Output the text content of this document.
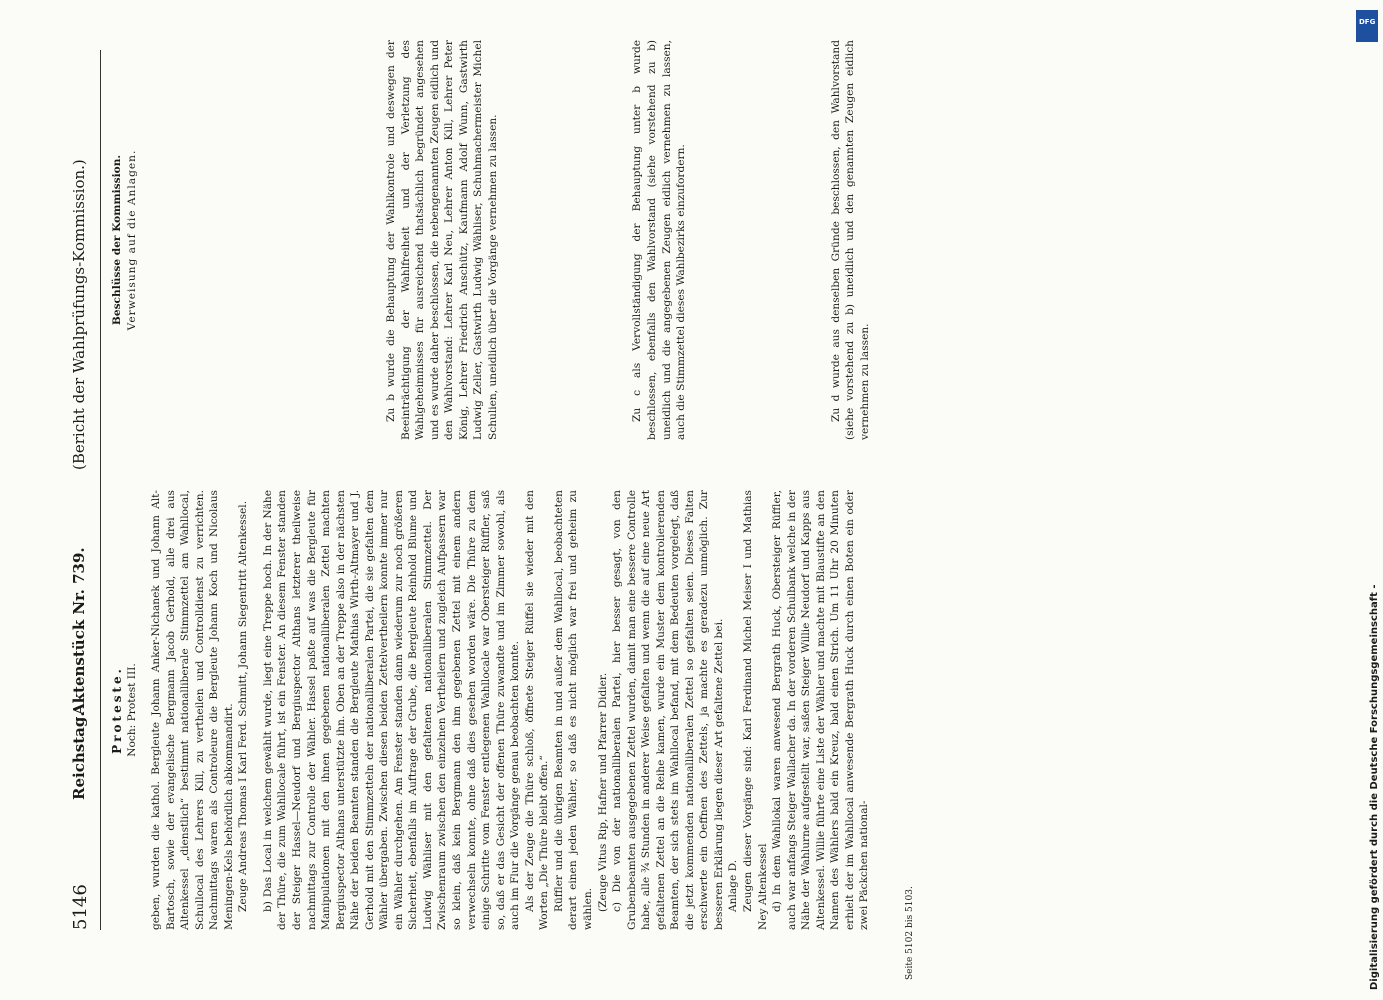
5146
Reichstag.
Aktenstück Nr. 739.
(Bericht der Wahlprüfungs-Kommission.)
Proteste. Noch: Protest III. geben, wurden die kathol. Bergleute Johann Anker-Nichanek und Johann Alt-Bartosch, sowie der evangelische Bergmann Jacob Gerhold, alle drei aus Altenkessel „dienstlich“ bestimmt nationalliberale Stimmzettel am Wahllocal, Schullocal des Lehrers Kill, zu vertheilen und Controlldienst zu verrichten. Nachmittags waren als Controleure die Bergleute Johann Koch und Nicolaus Meningen-Kels behördlich abkommandirt. Zeuge Andreas Thomas I Karl Ferd. Schmitt, Johann Siegentritt Altenkessel. b) Das Local in welchem gewählt wurde, liegt eine Treppe hoch. In der Nähe der Thüre, die zum Wahllocale führt, ist ein Fenster. An diesem Fenster standen der Steiger Hassel—Neudorf und Bergiuspector Althans letzterer theilweise nachmittags zur Controlle der Wähler. Hassel paßte auf was die Bergleute für Manipulationen mit den ihnen gegebenen nationalliberalen Zettel machten Bergiuspector Althans unterstützte ihn. Oben an der Treppe also in der nächsten Nähe der beiden Beamten standen die Bergleute Mathias Wirth-Altmayer und J. Gerhold mit den Stimmzetteln der nationalliberalen Partei, die sie gefalten dem Wähler übergaben. Zwischen diesen beiden Zettelvertheilern konnte immer nur ein Wähler durchgehen. Am Fenster standen dann wiederum zur noch größeren Sicherheit, ebenfalls im Auftrage der Grube, die Bergleute Reinhold Blume und Ludwig Wähliser mit den gefaltenen nationalliberalen Stimmzettel. Der Zwischenraum zwischen den einzelnen Vertheilern und zugleich Aufpassern war so klein, daß kein Bergmann den ihm gegebenen Zettel mit einem andern verwechseln konnte, ohne daß dies gesehen worden wäre. Die Thüre zu dem einige Schritte vom Fenster entlegenen Wahllocale war Obersteiger Rüffler, saß so, daß er das Gesicht der offenen Thüre zuwandte und im Zimmer sowohl, als auch im Flur die Vorgänge genau beobachten konnte. Als der Zeuge die Thüre schloß, öffnete Steiger Rüffel sie wieder mit den Worten „Die Thüre bleibt offen.“ Rüffler und die übrigen Beamten in und außer dem Wahllocal, beobachteten derart einen jeden Wähler, so daß es nicht möglich war frei und geheim zu wählen. (Zeuge Vitus Rip, Hafner und Pfarrer Didier. c) Die von der nationalliberalen Partei, hier besser gesagt, von den Grubenbeamten ausgegebenen Zettel wurden, damit man eine bessere Controlle habe, alle ¾ Stunden in anderer Weise gefalten und wenn die auf eine neue Art gefaltenen Zettel an die Reihe kamen, wurde ein Muster dem kontrolierenden Beamten, der sich stets im Wahllocal befand, mit dem Bedeuten vorgelegt, daß die jetzt kommenden nationalliberalen Zettel so gefalten seien. Dieses Falten erschwerte ein Oeffnen des Zettels, ja machte es geradezu unmöglich. Zur besseren Erklärung liegen dieser Art gefaltene Zettel bei. Anlage D. Zeugen dieser Vorgänge sind: Karl Ferdinand Michel Meiser I und Mathias Ney Altenkessel d) In dem Wahllokal waren anwesend Bergrath Huck, Obersteiger Rüffler, auch war anfangs Steiger Wallacher da. In der vorderen Schulbank welche in der Nähe der Wahlurne aufgestellt war, saßen Steiger Willie Neudorf und Kapps aus Altenkessel. Willie führte eine Liste der Wähler und machte mit Blaustifte an den Namen des Wählers bald ein Kreuz, bald einen Strich. Um 11 Uhr 20 Minuten erhielt der im Wahllocal anwesende Bergrath Huck durch einen Boten ein oder zwei Päckchen national-

Seite 5102 bis 5103.
Beschlüsse der Kommission. Verweisung auf die Anlagen.	Zu b wurde die Behauptung der Wahlkontrole und deswegen der Beeinträchtigung der Wahlfreiheit und der Verletzung des Wahlgeheimnisses für ausreichend thatsächlich begründet angesehen und es wurde daher beschlossen, die nebengenannten Zeugen eidlich und den Wahlvorstand: Lehrer Karl Neu, Lehrer Anton Kill, Lehrer Peter König, Lehrer Friedrich Anschütz, Kaufmann Adolf Wunn, Gastwirth Ludwig Zeller, Gastwirth Ludwig Wähliser, Schuhmachermeister Michel Schulien, uneidlich über die Vorgänge vernehmen zu lassen.	Zu c als Vervollständigung der Behauptung unter b wurde beschlossen, ebenfalls den Wahlvorstand (siehe vorstehend zu b) uneidlich und die angegebenen Zeugen eidlich vernehmen zu lassen, auch die Stimmzettel dieses Wahlbezirks einzufordern.	Zu d wurde aus denselben Gründe beschlossen, den Wahlvorstand (siehe vorstehend zu b) uneidlich und den genannten Zeugen eidlich vernehmen zu lassen.

DFG
Digitalisierung gefördert durch die Deutsche Forschungsgemeinschaft -
